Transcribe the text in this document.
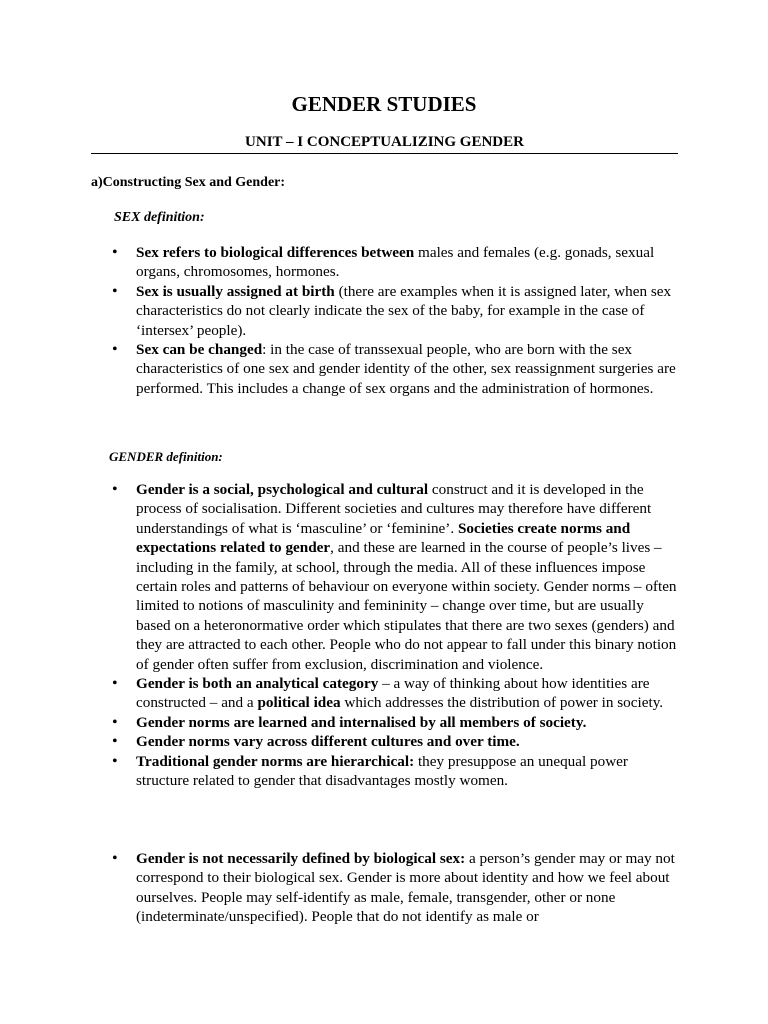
GENDER STUDIES
UNIT – I CONCEPTUALIZING GENDER

a)Constructing Sex and Gender:

SEX definition:

• Sex refers to biological differences between males and females (e.g. gonads, sexual organs, chromosomes, hormones.
• Sex is usually assigned at birth (there are examples when it is assigned later, when sex characteristics do not clearly indicate the sex of the baby, for example in the case of ‘intersex’ people).
• Sex can be changed: in the case of transsexual people, who are born with the sex characteristics of one sex and gender identity of the other, sex reassignment surgeries are performed. This includes a change of sex organs and the administration of hormones.

GENDER definition:

• Gender is a social, psychological and cultural construct and it is developed in the process of socialisation. Different societies and cultures may therefore have different understandings of what is ‘masculine’ or ‘feminine’. Societies create norms and expectations related to gender, and these are learned in the course of people’s lives – including in the family, at school, through the media. All of these influences impose certain roles and patterns of behaviour on everyone within society. Gender norms – often limited to notions of masculinity and femininity – change over time, but are usually based on a heteronormative order which stipulates that there are two sexes (genders) and they are attracted to each other. People who do not appear to fall under this binary notion of gender often suffer from exclusion, discrimination and violence.
• Gender is both an analytical category – a way of thinking about how identities are constructed – and a political idea which addresses the distribution of power in society.
• Gender norms are learned and internalised by all members of society.
• Gender norms vary across different cultures and over time.
• Traditional gender norms are hierarchical: they presuppose an unequal power structure related to gender that disadvantages mostly women.
• Gender is not necessarily defined by biological sex: a person’s gender may or may not correspond to their biological sex. Gender is more about identity and how we feel about ourselves. People may self-identify as male, female, transgender, other or none (indeterminate/unspecified). People that do not identify as male or
